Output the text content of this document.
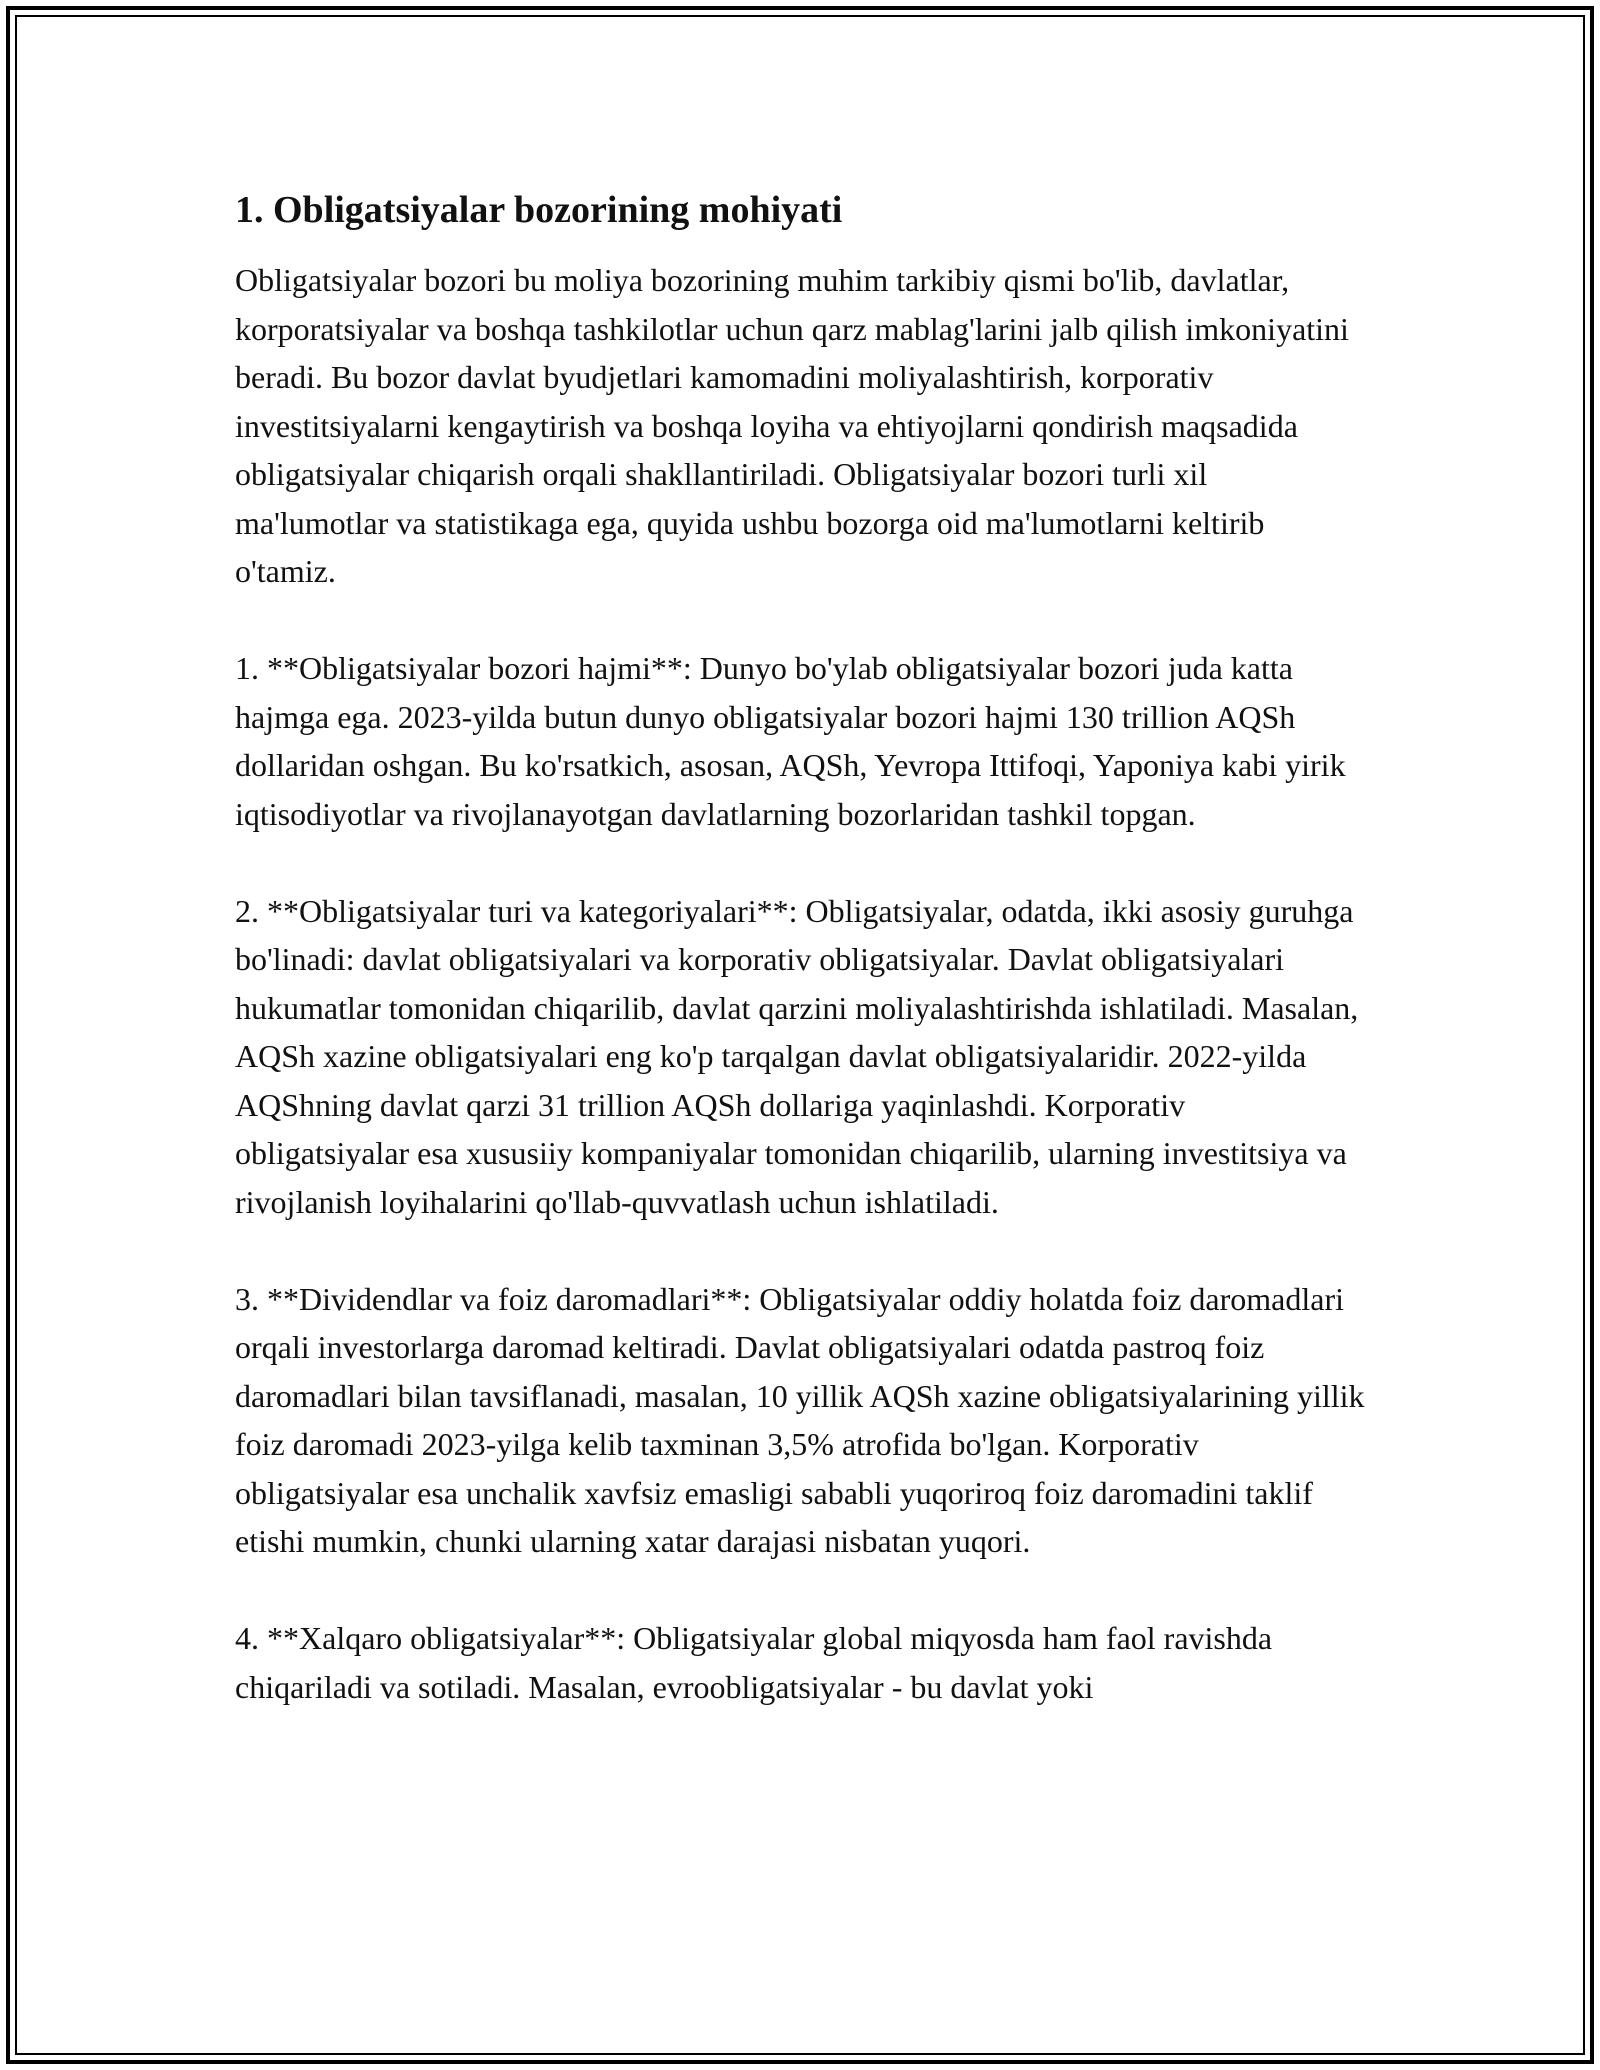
1. Obligatsiyalar bozorining mohiyati

Obligatsiyalar bozori bu moliya bozorining muhim tarkibiy qismi bo'lib, davlatlar, korporatsiyalar va boshqa tashkilotlar uchun qarz mablag'larini jalb qilish imkoniyatini beradi. Bu bozor davlat byudjetlari kamomadini moliyalashtirish, korporativ investitsiyalarni kengaytirish va boshqa loyiha va ehtiyojlarni qondirish maqsadida obligatsiyalar chiqarish orqali shakllantiriladi. Obligatsiyalar bozori turli xil ma'lumotlar va statistikaga ega, quyida ushbu bozorga oid ma'lumotlarni keltirib o'tamiz.

1. **Obligatsiyalar bozori hajmi**: Dunyo bo'ylab obligatsiyalar bozori juda katta hajmga ega. 2023-yilda butun dunyo obligatsiyalar bozori hajmi 130 trillion AQSh dollaridan oshgan. Bu ko'rsatkich, asosan, AQSh, Yevropa Ittifoqi, Yaponiya kabi yirik iqtisodiyotlar va rivojlanayotgan davlatlarning bozorlaridan tashkil topgan.

2. **Obligatsiyalar turi va kategoriyalari**: Obligatsiyalar, odatda, ikki asosiy guruhga bo'linadi: davlat obligatsiyalari va korporativ obligatsiyalar. Davlat obligatsiyalari hukumatlar tomonidan chiqarilib, davlat qarzini moliyalashtirishda ishlatiladi. Masalan, AQSh xazine obligatsiyalari eng ko'p tarqalgan davlat obligatsiyalaridir. 2022-yilda AQShning davlat qarzi 31 trillion AQSh dollariga yaqinlashdi. Korporativ obligatsiyalar esa xususiiy kompaniyalar tomonidan chiqarilib, ularning investitsiya va rivojlanish loyihalarini qo'llab-quvvatlash uchun ishlatiladi.

3. **Dividendlar va foiz daromadlari**: Obligatsiyalar oddiy holatda foiz daromadlari orqali investorlarga daromad keltiradi. Davlat obligatsiyalari odatda pastroq foiz daromadlari bilan tavsiflanadi, masalan, 10 yillik AQSh xazine obligatsiyalarining yillik foiz daromadi 2023-yilga kelib taxminan 3,5% atrofida bo'lgan. Korporativ obligatsiyalar esa unchalik xavfsiz emasligi sababli yuqoriroq foiz daromadini taklif etishi mumkin, chunki ularning xatar darajasi nisbatan yuqori.

4. **Xalqaro obligatsiyalar**: Obligatsiyalar global miqyosda ham faol ravishda chiqariladi va sotiladi. Masalan, evroobligatsiyalar - bu davlat yoki
